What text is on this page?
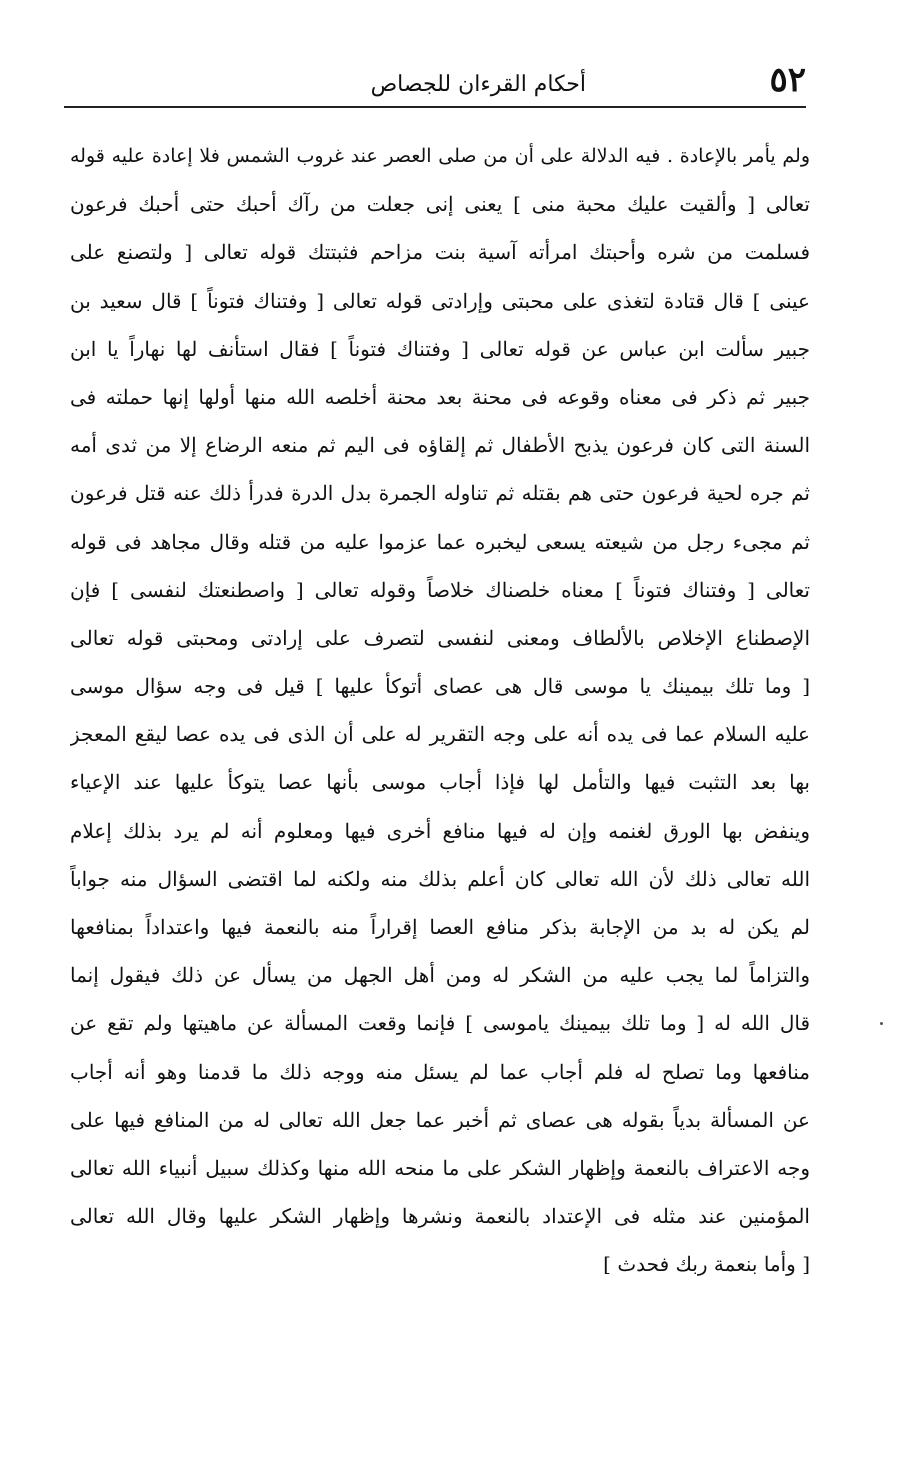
٥٢
أحكام القرءان للجصاص
ولم يأمر بالإعادة . فيه الدلالة على أن من صلى العصر عند غروب الشمس فلا إعادة عليه قوله
تعالى [ وألقيت عليك محبة منى ] يعنى إنى جعلت من رآك أحبك حتى أحبك فرعون
فسلمت من شره وأحبتك امرأته آسية بنت مزاحم فثبتتك قوله تعالى [ ولتصنع على
عينى ] قال قتادة لتغذى على محبتى وإرادتى قوله تعالى [ وفتناك فتوناً ] قال سعيد بن
جبير سألت ابن عباس عن قوله تعالى [ وفتناك فتوناً ] فقال استأنف لها نهاراً يا ابن
جبير ثم ذكر فى معناه وقوعه فى محنة بعد محنة أخلصه الله منها أولها إنها حملته فى
السنة التى كان فرعون يذبح الأطفال ثم إلقاؤه فى اليم ثم منعه الرضاع إلا من ثدى أمه
ثم جره لحية فرعون حتى هم بقتله ثم تناوله الجمرة بدل الدرة فدرأ ذلك عنه قتل فرعون
ثم مجىء رجل من شيعته يسعى ليخبره عما عزموا عليه من قتله وقال مجاهد فى قوله
تعالى [ وفتناك فتوناً ] معناه خلصناك خلاصاً وقوله تعالى [ واصطنعتك لنفسى ] فإن
الإصطناع الإخلاص بالألطاف ومعنى لنفسى لتصرف على إرادتى ومحبتى قوله تعالى
[ وما تلك بيمينك يا موسى قال هى عصاى أتوكأ عليها ] قيل فى وجه سؤال موسى
عليه السلام عما فى يده أنه على وجه التقرير له على أن الذى فى يده عصا ليقع المعجز
بها بعد التثبت فيها والتأمل لها فإذا أجاب موسى بأنها عصا يتوكأ عليها عند الإعياء
وينفض بها الورق لغنمه وإن له فيها منافع أخرى فيها ومعلوم أنه لم يرد بذلك إعلام
الله تعالى ذلك لأن الله تعالى كان أعلم بذلك منه ولكنه لما اقتضى السؤال منه جواباً
لم يكن له بد من الإجابة بذكر منافع العصا إقراراً منه بالنعمة فيها واعتداداً بمنافعها
والتزاماً لما يجب عليه من الشكر له ومن أهل الجهل من يسأل عن ذلك فيقول إنما
قال الله له [ وما تلك بيمينك ياموسى ] فإنما وقعت المسألة عن ماهيتها ولم تقع عن
منافعها وما تصلح له فلم أجاب عما لم يسئل منه ووجه ذلك ما قدمنا وهو أنه أجاب
عن المسألة بدياً بقوله هى عصاى ثم أخبر عما جعل الله تعالى له من المنافع فيها على
وجه الاعتراف بالنعمة وإظهار الشكر على ما منحه الله منها وكذلك سبيل أنبياء الله تعالى
المؤمنين عند مثله فى الإعتداد بالنعمة ونشرها وإظهار الشكر عليها وقال الله تعالى
[ وأما بنعمة ربك فحدث ]
